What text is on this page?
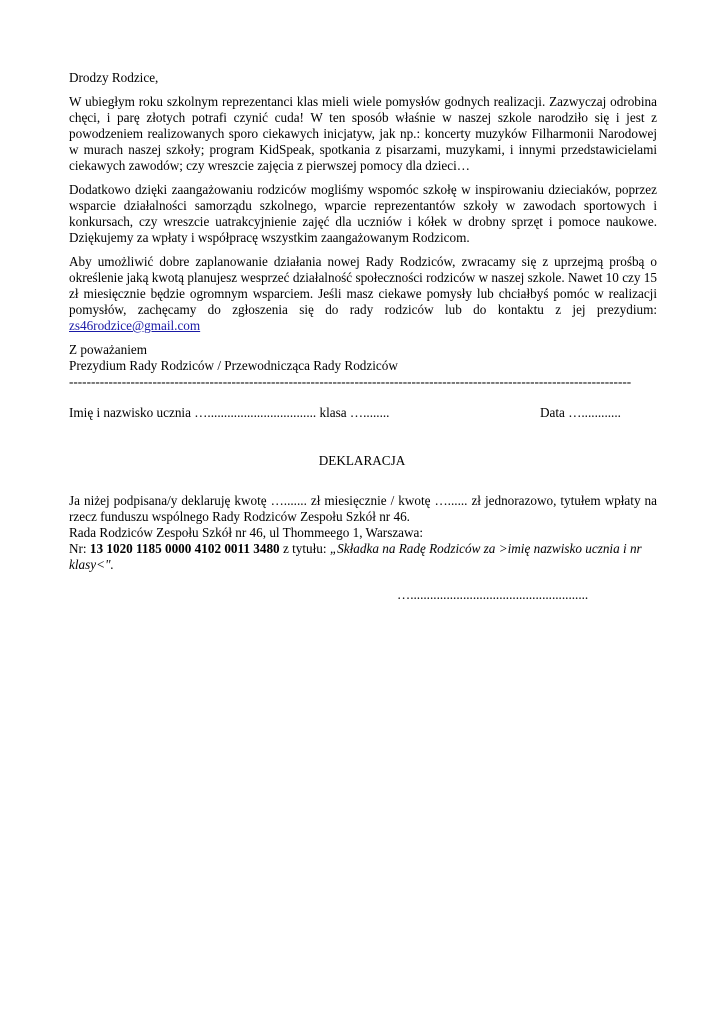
Drodzy Rodzice,

W ubiegłym roku szkolnym reprezentanci klas mieli wiele pomysłów godnych realizacji. Zazwyczaj odrobina chęci, i parę złotych potrafi czynić cuda! W ten sposób właśnie w naszej szkole narodziło się i jest z powodzeniem realizowanych sporo ciekawych inicjatyw, jak np.: koncerty muzyków Filharmonii Narodowej w murach naszej szkoły; program KidSpeak, spotkania z pisarzami, muzykami, i innymi przedstawicielami ciekawych zawodów; czy wreszcie zajęcia z pierwszej pomocy dla dzieci…

Dodatkowo dzięki zaangażowaniu rodziców mogliśmy wspomóc szkołę w inspirowaniu dzieciaków, poprzez wsparcie działalności samorządu szkolnego, wparcie reprezentantów szkoły w zawodach sportowych i konkursach, czy wreszcie uatrakcyjnienie zajęć dla uczniów i kółek w drobny sprzęt i pomoce naukowe. Dziękujemy za wpłaty i współpracę wszystkim zaangażowanym Rodzicom.

Aby umożliwić dobre zaplanowanie działania nowej Rady Rodziców, zwracamy się z uprzejmą prośbą o określenie jaką kwotą planujesz wesprzeć działalność społeczności rodziców w naszej szkole. Nawet 10 czy 15 zł miesięcznie będzie ogromnym wsparciem. Jeśli masz ciekawe pomysły lub chciałbyś pomóc w realizacji pomysłów, zachęcamy do zgłoszenia się do rady rodziców lub do kontaktu z jej prezydium: zs46rodzice@gmail.com

Z poważaniem

Prezydium Rady Rodziców / Przewodnicząca Rady Rodziców

--------------------------------------------------------------------------------------------------------------------------------
Imię i nazwisko ucznia …................................. klasa …........	Data …............
DEKLARACJA

Ja niżej podpisana/y deklaruję kwotę …....... zł miesięcznie / kwotę …...... zł jednorazowo, tytułem wpłaty na rzecz funduszu wspólnego Rady Rodziców Zespołu Szkół nr 46.

Rada Rodziców Zespołu Szkół nr 46, ul Thommeego 1, Warszawa:

Nr: 13 1020 1185 0000 4102 0011 3480 z tytułu: „Składka na Radę Rodziców za >imię nazwisko ucznia i nr klasy<".

…......................................................
